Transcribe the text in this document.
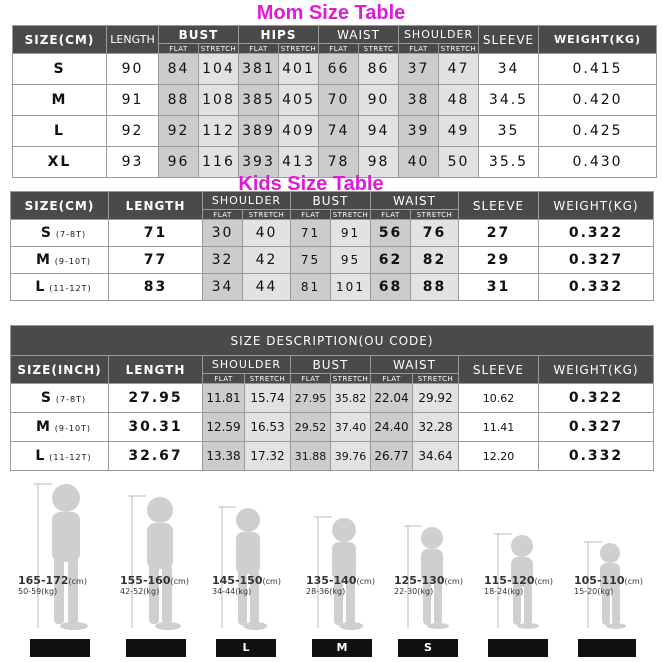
Mom Size Table
SIZE(CM)	LENGTH	BUST		HIPS		WAIST		SHOULDER		SLEEVE	WEIGHT(KG)
		FLAT	STRETCH	FLAT	STRETCH	FLAT	STRETC	FLAT	STRETCH		
S	90	84	104	381	401	66	86	37	47	34	0.415
M	91	88	108	385	405	70	90	38	48	34.5	0.420
L	92	92	112	389	409	74	94	39	49	35	0.425
XL	93	96	116	393	413	78	98	40	50	35.5	0.430
SIZE(CM)	LENGTH	SHOULDER		BUST		WAIST		SLEEVE	WEIGHT(KG)
		FLAT	STRETCH	FLAT	STRETCH	FLAT	STRETCH		
S (7-8T)	71	30	40	71	91	56	76	27	0.322
M (9-10T)	77	32	42	75	95	62	82	29	0.327
L (11-12T)	83	34	44	81	101	68	88	31	0.332
Kids Size Table
SIZE DESCRIPTION(OU CODE)									
SIZE(INCH)	LENGTH	SHOULDER		BUST		WAIST		SLEEVE	WEIGHT(KG)
		FLAT	STRETCH	FLAT	STRETCH	FLAT	STRETCH		
S (7-8T)	27.95	11.81	15.74	27.95	35.82	22.04	29.92	10.62	0.322
M (9-10T)	30.31	12.59	16.53	29.52	37.40	24.40	32.28	11.41	0.327
L (11-12T)	32.67	13.38	17.32	31.88	39.76	26.77	34.64	12.20	0.332
165-172(cm)
50-59(kg)
155-160(cm)
42-52(kg)
145-150(cm)
34-44(kg)
135-140(cm)
28-36(kg)
125-130(cm)
22-30(kg)
115-120(cm)
18-24(kg)
105-110(cm)
15-20(kg)
L	M	S
